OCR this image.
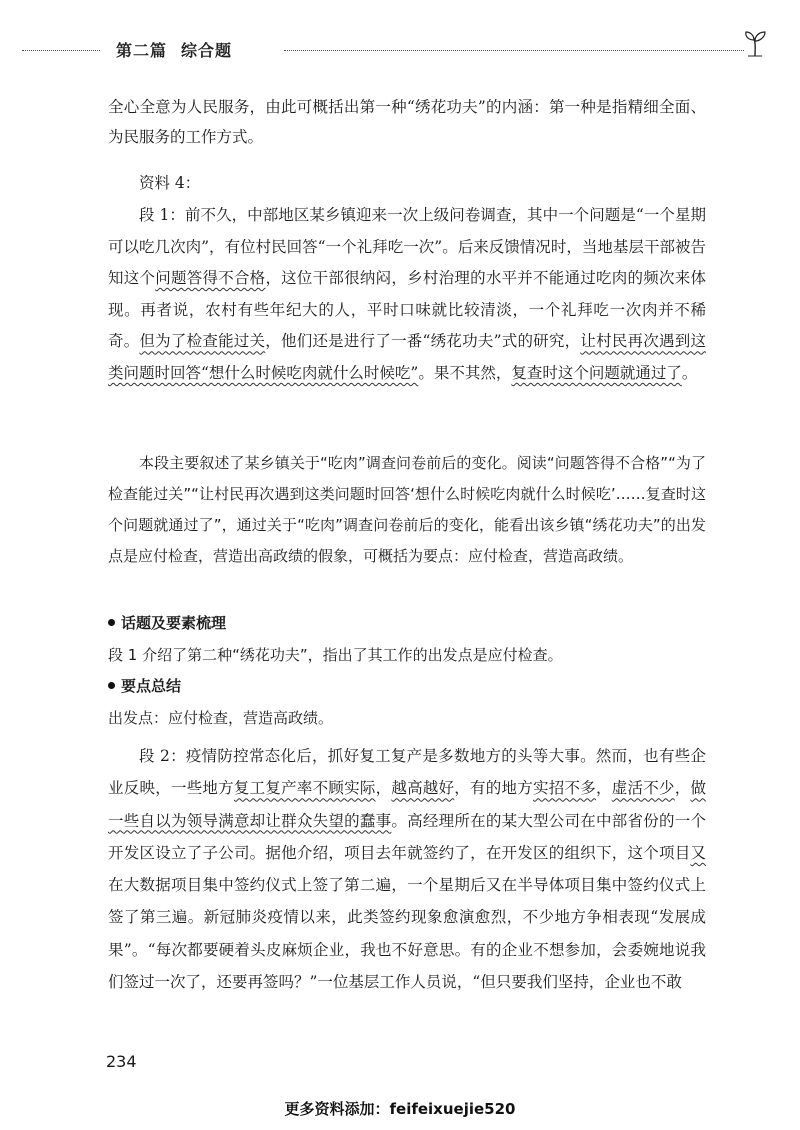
第二篇 综合题

全心全意为人民服务，由此可概括出第一种“绣花功夫”的内涵：第一种是指精细全面、为民服务的工作方式。

资料 4：

段 1：前不久，中部地区某乡镇迎来一次上级问卷调查，其中一个问题是“一个星期可以吃几次肉”，有位村民回答“一个礼拜吃一次”。后来反馈情况时，当地基层干部被告知这个问题答得不合格，这位干部很纳闷，乡村治理的水平并不能通过吃肉的频次来体现。再者说，农村有些年纪大的人，平时口味就比较清淡，一个礼拜吃一次肉并不稀奇。但为了检查能过关，他们还是进行了一番“绣花功夫”式的研究，让村民再次遇到这类问题时回答“想什么时候吃肉就什么时候吃”。果不其然，复查时这个问题就通过了。

本段主要叙述了某乡镇关于“吃肉”调查问卷前后的变化。阅读“问题答得不合格”“为了检查能过关”“让村民再次遇到这类问题时回答‘想什么时候吃肉就什么时候吃’……复查时这个问题就通过了”，通过关于“吃肉”调查问卷前后的变化，能看出该乡镇“绣花功夫”的出发点是应付检查，营造出高政绩的假象，可概括为要点：应付检查，营造高政绩。

话题及要素梳理

段 1 介绍了第二种“绣花功夫”，指出了其工作的出发点是应付检查。

要点总结

出发点：应付检查，营造高政绩。

段 2：疫情防控常态化后，抓好复工复产是多数地方的头等大事。然而，也有些企业反映，一些地方复工复产率不顾实际，越高越好，有的地方实招不多，虚活不少，做一些自以为领导满意却让群众失望的蠢事。高经理所在的某大型公司在中部省份的一个开发区设立了子公司。据他介绍，项目去年就签约了，在开发区的组织下，这个项目又在大数据项目集中签约仪式上签了第二遍，一个星期后又在半导体项目集中签约仪式上签了第三遍。新冠肺炎疫情以来，此类签约现象愈演愈烈，不少地方争相表现“发展成果”。“每次都要硬着头皮麻烦企业，我也不好意思。有的企业不想参加，会委婉地说我们签过一次了，还要再签吗？”一位基层工作人员说，“但只要我们坚持，企业也不敢

234
更多资料添加：feifeixuejie520
